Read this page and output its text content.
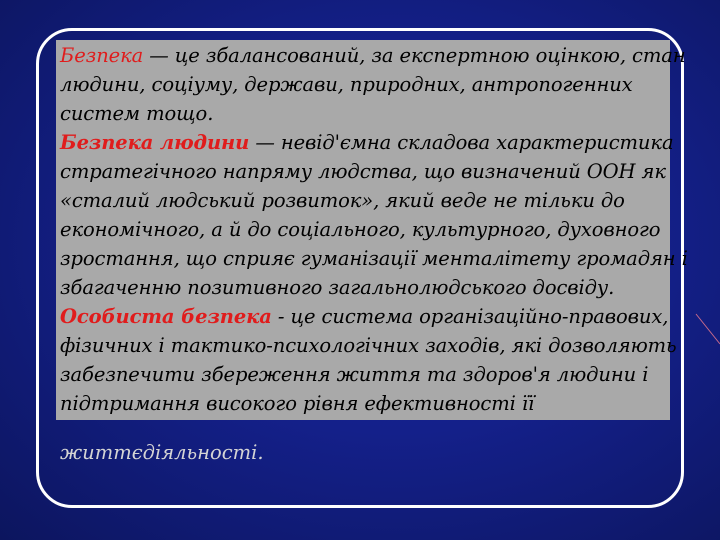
Безпека — це збалансований, за експертною оцінкою, стан
людини, соціуму, держави, природних, антропогенних
систем тощо.
Безпека людини — невід'ємна складова характеристика
стратегічного напряму людства, що визначений ООН як
«сталий людський розвиток», який веде не тільки до
економічного, а й до соціального, культурного, духовного
зростання, що сприяє гуманізації менталітету громадян і
збагаченню позитивного загальнолюдського досвіду.
Особиста безпека - це система організаційно-правових,
фізичних і тактико-психологічних заходів, які дозволяють
забезпечити збереження життя та здоров'я людини і
підтримання високого рівня ефективності її
життєдіяльності.
